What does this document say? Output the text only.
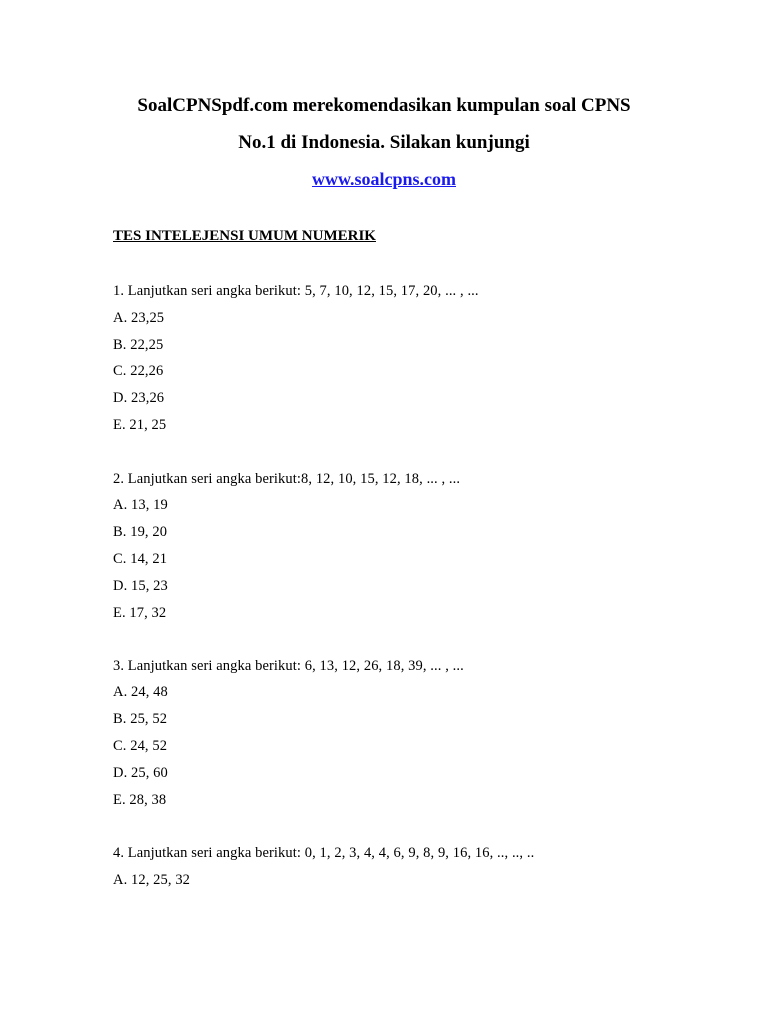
SoalCPNSpdf.com merekomendasikan kumpulan soal CPNS
No.1 di Indonesia. Silakan kunjungi
www.soalcpns.com
TES INTELEJENSI UMUM NUMERIK
1. Lanjutkan seri angka berikut: 5, 7, 10, 12, 15, 17, 20, ... , ...
A. 23,25
B. 22,25
C. 22,26
D. 23,26
E. 21, 25
2. Lanjutkan seri angka berikut:8, 12, 10, 15, 12, 18, ... , ...
A. 13, 19
B. 19, 20
C. 14, 21
D. 15, 23
E. 17, 32
3. Lanjutkan seri angka berikut: 6, 13, 12, 26, 18, 39, ... , ...
A. 24, 48
B. 25, 52
C. 24, 52
D. 25, 60
E. 28, 38
4. Lanjutkan seri angka berikut: 0, 1, 2, 3, 4, 4, 6, 9, 8, 9, 16, 16, .., .., ..
A. 12, 25, 32
